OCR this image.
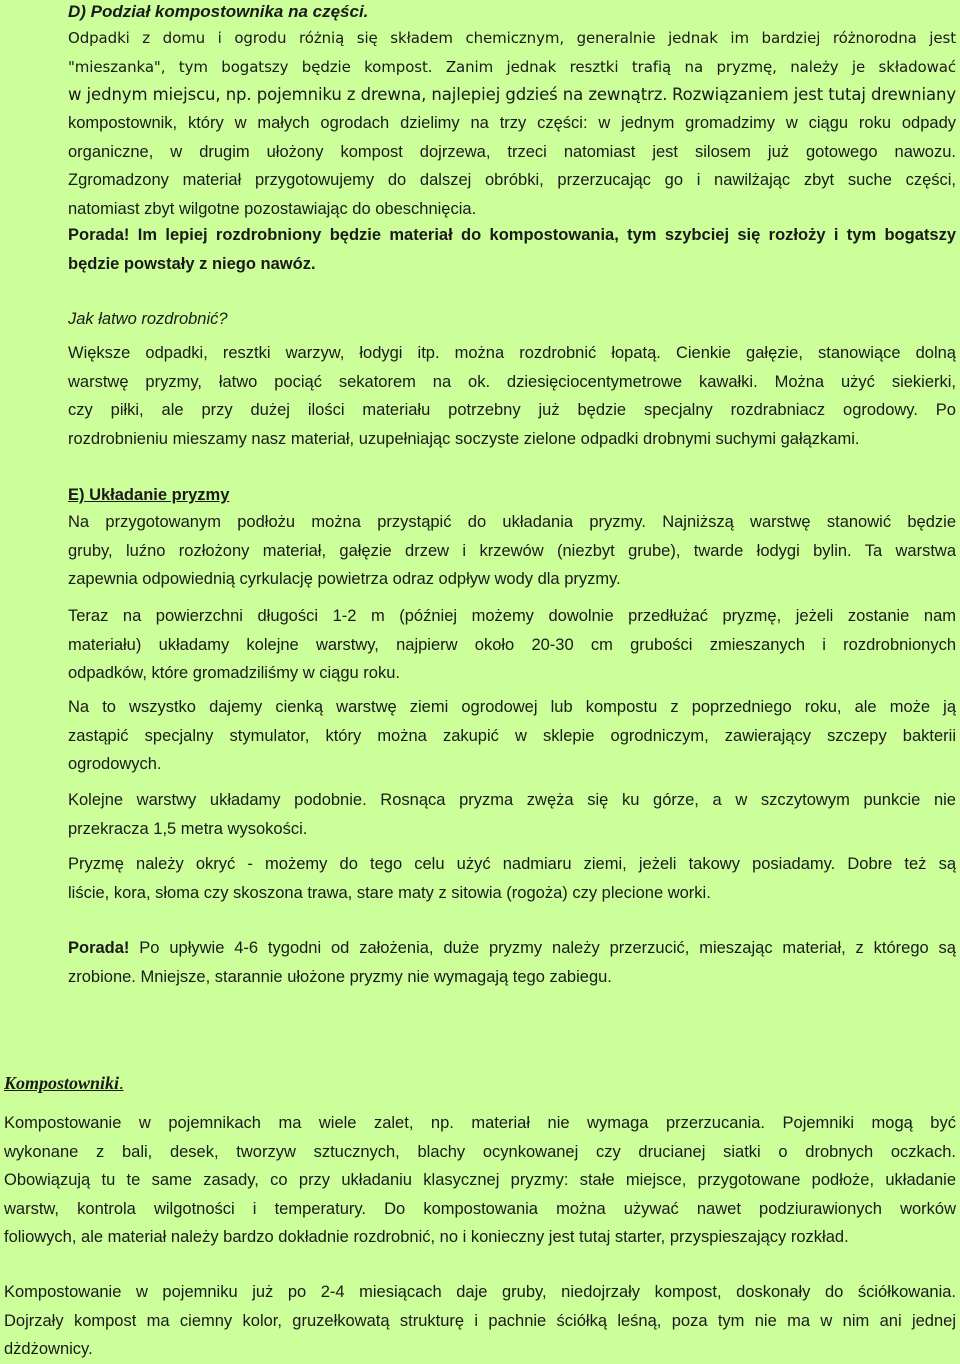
D) Podział kompostownika na części.
Odpadki z domu i ogrodu różnią się składem chemicznym, generalnie jednak im bardziej różnorodna jest
"mieszanka", tym bogatszy będzie kompost. Zanim jednak resztki trafią na pryzmę, należy je składować
w jednym miejscu, np. pojemniku z drewna, najlepiej gdzieś na zewnątrz. Rozwiązaniem jest tutaj drewniany
kompostownik, który w małych ogrodach dzielimy na trzy części: w jednym gromadzimy w ciągu roku odpady
organiczne, w drugim ułożony kompost dojrzewa, trzeci natomiast jest silosem już gotowego nawozu.
Zgromadzony materiał przygotowujemy do dalszej obróbki, przerzucając go i nawilżając zbyt suche części,
natomiast zbyt wilgotne pozostawiając do obeschnięcia.
Porada! Im lepiej rozdrobniony będzie materiał do kompostowania, tym szybciej się rozłoży i tym bogatszy
będzie powstały z niego nawóz.
Jak łatwo rozdrobnić?
Większe odpadki, resztki warzyw, łodygi itp. można rozdrobnić łopatą. Cienkie gałęzie, stanowiące dolną
warstwę pryzmy, łatwo pociąć sekatorem na ok. dziesięciocentymetrowe kawałki. Można użyć siekierki,
czy piłki, ale przy dużej ilości materiału potrzebny już będzie specjalny rozdrabniacz ogrodowy. Po
rozdrobnieniu mieszamy nasz materiał, uzupełniając soczyste zielone odpadki drobnymi suchymi gałązkami.
E) Układanie pryzmy
Na przygotowanym podłożu można przystąpić do układania pryzmy. Najniższą warstwę stanowić będzie
gruby, luźno rozłożony materiał, gałęzie drzew i krzewów (niezbyt grube), twarde łodygi bylin. Ta warstwa
zapewnia odpowiednią cyrkulację powietrza odraz odpływ wody dla pryzmy.
Teraz na powierzchni długości 1-2 m (później możemy dowolnie przedłużać pryzmę, jeżeli zostanie nam
materiału) układamy kolejne warstwy, najpierw około 20-30 cm grubości zmieszanych i rozdrobnionych
odpadków, które gromadziliśmy w ciągu roku.
Na to wszystko dajemy cienką warstwę ziemi ogrodowej lub kompostu z poprzedniego roku, ale może ją
zastąpić specjalny stymulator, który można zakupić w sklepie ogrodniczym, zawierający szczepy bakterii
ogrodowych.
Kolejne warstwy układamy podobnie. Rosnąca pryzma zwęża się ku górze, a w szczytowym punkcie nie
przekracza 1,5 metra wysokości.
Pryzmę należy okryć - możemy do tego celu użyć nadmiaru ziemi, jeżeli takowy posiadamy. Dobre też są
liście, kora, słoma czy skoszona trawa, stare maty z sitowia (rogoża) czy plecione worki.
Porada! Po upływie 4-6 tygodni od założenia, duże pryzmy należy przerzucić, mieszając materiał, z którego są
zrobione. Mniejsze, starannie ułożone pryzmy nie wymagają tego zabiegu.
Kompostowniki.
Kompostowanie w pojemnikach ma wiele zalet, np. materiał nie wymaga przerzucania. Pojemniki mogą być
wykonane z bali, desek, tworzyw sztucznych, blachy ocynkowanej czy drucianej siatki o drobnych oczkach.
Obowiązują tu te same zasady, co przy układaniu klasycznej pryzmy: stałe miejsce, przygotowane podłoże, układanie
warstw, kontrola wilgotności i temperatury. Do kompostowania można używać nawet podziurawionych worków
foliowych, ale materiał należy bardzo dokładnie rozdrobnić, no i konieczny jest tutaj starter, przyspieszający rozkład.
Kompostowanie w pojemniku już po 2-4 miesiącach daje gruby, niedojrzały kompost, doskonały do ściółkowania.
Dojrzały kompost ma ciemny kolor, gruzełkowatą strukturę i pachnie ściółką leśną, poza tym nie ma w nim ani jednej
dżdżownicy.
